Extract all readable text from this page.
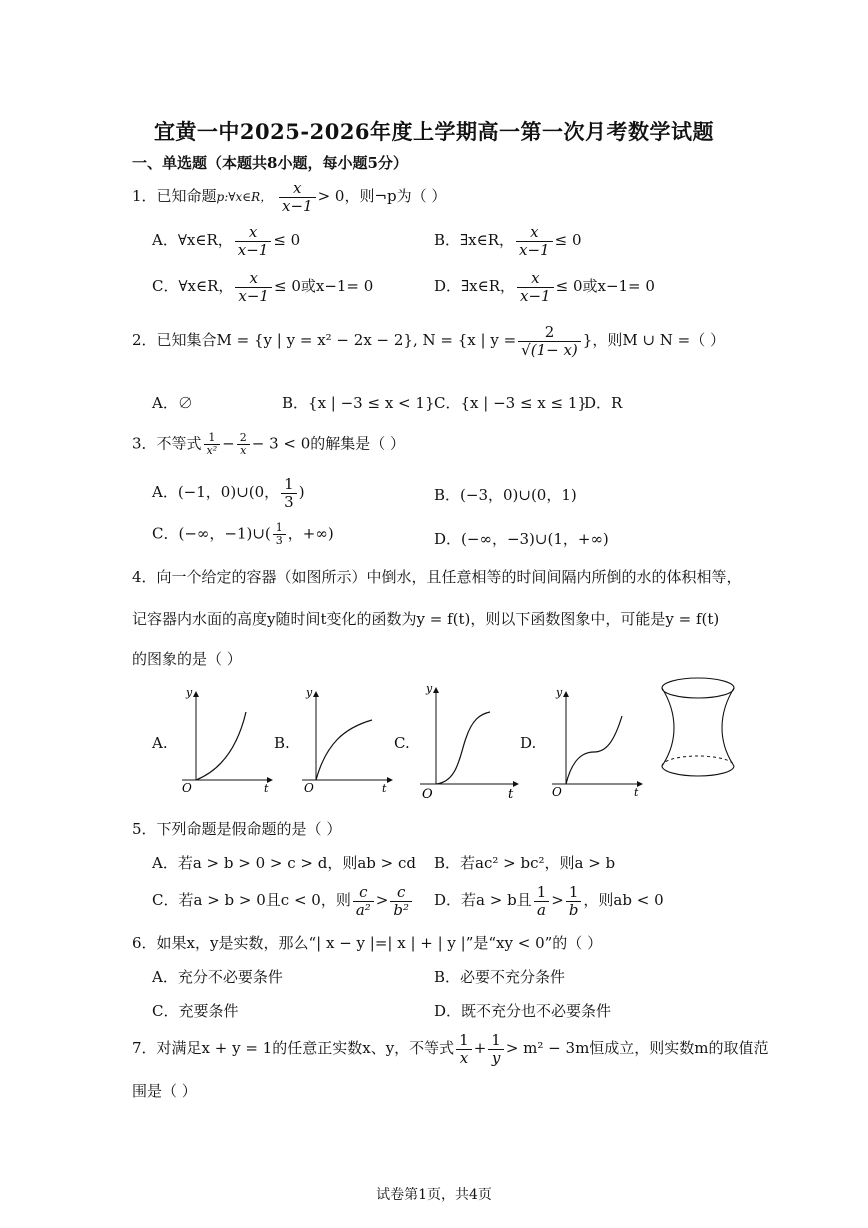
宜黄一中2025-2026年度上学期高一第一次月考数学试题
一、单选题（本题共8小题，每小题5分）
1．已知命题p:∀x∈R， $\frac{x}{x-1} > 0$，则¬p为（ ）
A．∀x∈R， $\frac{x}{x-1} \le 0$	B．∃x∈R， $\frac{x}{x-1} \le 0$
C．∀x∈R， $\frac{x}{x-1} \le 0$或x−1= 0	D．∃x∈R， $\frac{x}{x-1} \le 0$或x−1= 0
2．已知集合M = {y | y = x² − 2x − 2}, N = {x | $y = \frac{2}{√(1- x)}$ }，则M ∪ N =（ ）
A．∅	B．{x | −3 ≤ x < 1} C．{x | −3 ≤ x ≤ 1}
D．R
3．不等式 $\frac{1}{\text{x²}} - \frac{2}{x} - 3 < 0$的解集是（ ）
A．(−1，0)∪(0， $\frac{1}{3}$ )	B．(−3，0)∪(0，1)
C．(−∞，−1)∪( $\frac{1}{3}$ ，+∞)	D．(−∞，−3)∪(1，+∞)
4．向一个给定的容器（如图所示）中倒水，且任意相等的时间间隔内所倒的水的体积相等，
记容器内水面的高度y随时间t变化的函数为y = f(t)，则以下函数图象中，可能是y = f(t)
的图象的是（ ）
A.	B.	C.	D.
y
t
O
y
t
O
y
t
O
y
t
O
5．下列命题是假命题的是（ ）
A．若a > b > 0 > c > d，则ab > cd B．若ac² > bc²，则a > b
C．若a > b > 0且c < 0，则 $\frac{c}{\text{a²}} > \frac{c}{\text{b²}}$ D．若a > b且 $\frac{1}{a} > \frac{1}{b}$ ，则ab < 0
6．如果x，y是实数，那么“| x − y |=| x | + | y |”是“xy < 0”的（ ）
A．充分不必要条件	B．必要不充分条件
C．充要条件	D．既不充分也不必要条件
7．对满足x + y = 1的任意正实数x、y，不等式 $\frac{1}{x} + \frac{1}{y} > m^2 - 3m$恒成立，则实数m的取值范
围是（ ）
试卷第1页，共4页
